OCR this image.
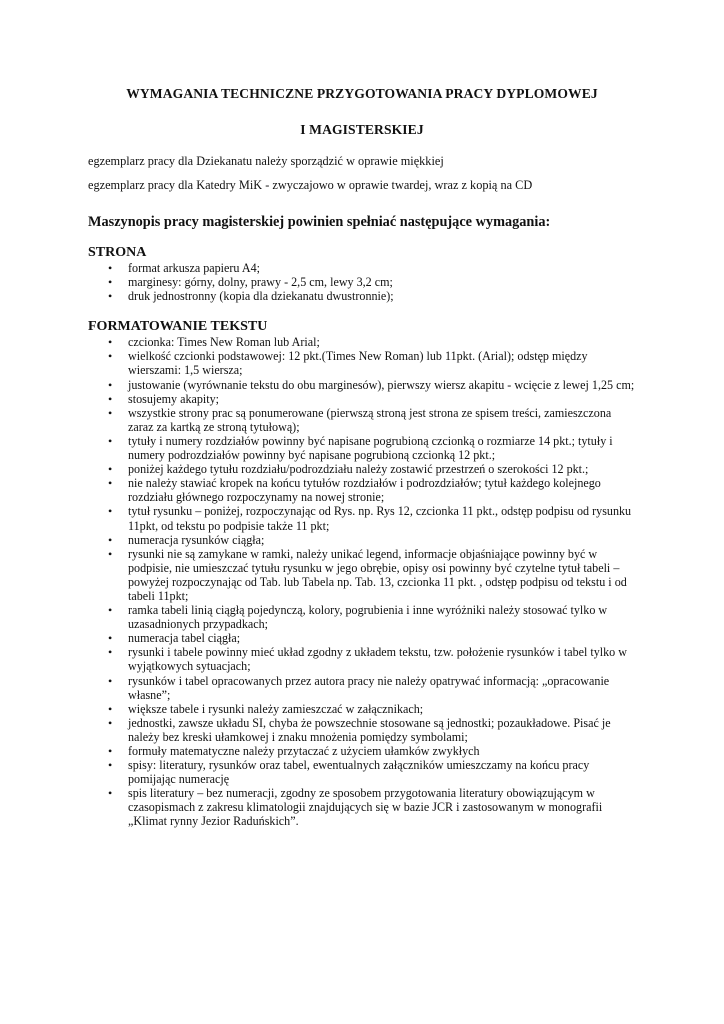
WYMAGANIA TECHNICZNE PRZYGOTOWANIA PRACY DYPLOMOWEJ

I MAGISTERSKIEJ

egzemplarz pracy dla Dziekanatu należy sporządzić w oprawie miękkiej

egzemplarz pracy dla Katedry MiK - zwyczajowo w oprawie twardej, wraz z kopią na CD

Maszynopis pracy magisterskiej powinien spełniać następujące wymagania:

STRONA

•	format arkusza papieru A4;
•	marginesy: górny, dolny, prawy - 2,5 cm, lewy 3,2 cm;
•	druk jednostronny (kopia dla dziekanatu dwustronnie);

FORMATOWANIE TEKSTU

•	czcionka: Times New Roman lub Arial;
•	wielkość czcionki podstawowej: 12 pkt.(Times New Roman) lub 11pkt. (Arial); odstęp między wierszami: 1,5 wiersza;
•	justowanie (wyrównanie tekstu do obu marginesów), pierwszy wiersz akapitu - wcięcie z lewej 1,25 cm;
•	stosujemy akapity;
•	wszystkie strony prac są ponumerowane (pierwszą stroną jest strona ze spisem treści, zamieszczona zaraz za kartką ze stroną tytułową);
•	tytuły i numery rozdziałów powinny być napisane pogrubioną czcionką o rozmiarze 14 pkt.; tytuły i numery podrozdziałów powinny być napisane pogrubioną czcionką 12 pkt.;
•	poniżej każdego tytułu rozdziału/podrozdziału należy zostawić przestrzeń o szerokości 12 pkt.;
•	nie należy stawiać kropek na końcu tytułów rozdziałów i podrozdziałów; tytuł każdego kolejnego rozdziału głównego rozpoczynamy na nowej stronie;
•	tytuł rysunku – poniżej, rozpoczynając od Rys. np. Rys 12, czcionka 11 pkt., odstęp podpisu od rysunku 11pkt, od tekstu po podpisie także 11 pkt;
•	numeracja rysunków ciągła;
•	rysunki nie są zamykane w ramki, należy unikać legend, informacje objaśniające powinny być w podpisie, nie umieszczać tytułu rysunku w jego obrębie, opisy osi powinny być czytelne tytuł tabeli – powyżej rozpoczynając od Tab. lub Tabela np. Tab. 13, czcionka 11 pkt. , odstęp podpisu od tekstu i od tabeli 11pkt;
•	ramka tabeli linią ciągłą pojedynczą, kolory, pogrubienia i inne wyróżniki należy stosować tylko w uzasadnionych przypadkach;
•	numeracja tabel ciągła;
•	rysunki i tabele powinny mieć układ zgodny z układem tekstu, tzw. położenie rysunków i tabel tylko w wyjątkowych sytuacjach;
•	rysunków i tabel opracowanych przez autora pracy nie należy opatrywać informacją: „opracowanie własne”;
•	większe tabele i rysunki należy zamieszczać w załącznikach;
•	jednostki, zawsze układu SI, chyba że powszechnie stosowane są jednostki; pozaukładowe. Pisać je należy bez kreski ułamkowej i znaku mnożenia pomiędzy symbolami;
•	formuły matematyczne należy przytaczać z użyciem ułamków zwykłych
•	spisy: literatury, rysunków oraz tabel, ewentualnych załączników umieszczamy na końcu pracy pomijając numerację
•	spis literatury – bez numeracji, zgodny ze sposobem przygotowania literatury obowiązującym w czasopismach z zakresu klimatologii znajdujących się w bazie JCR i zastosowanym w monografii „Klimat rynny Jezior Raduńskich”.
